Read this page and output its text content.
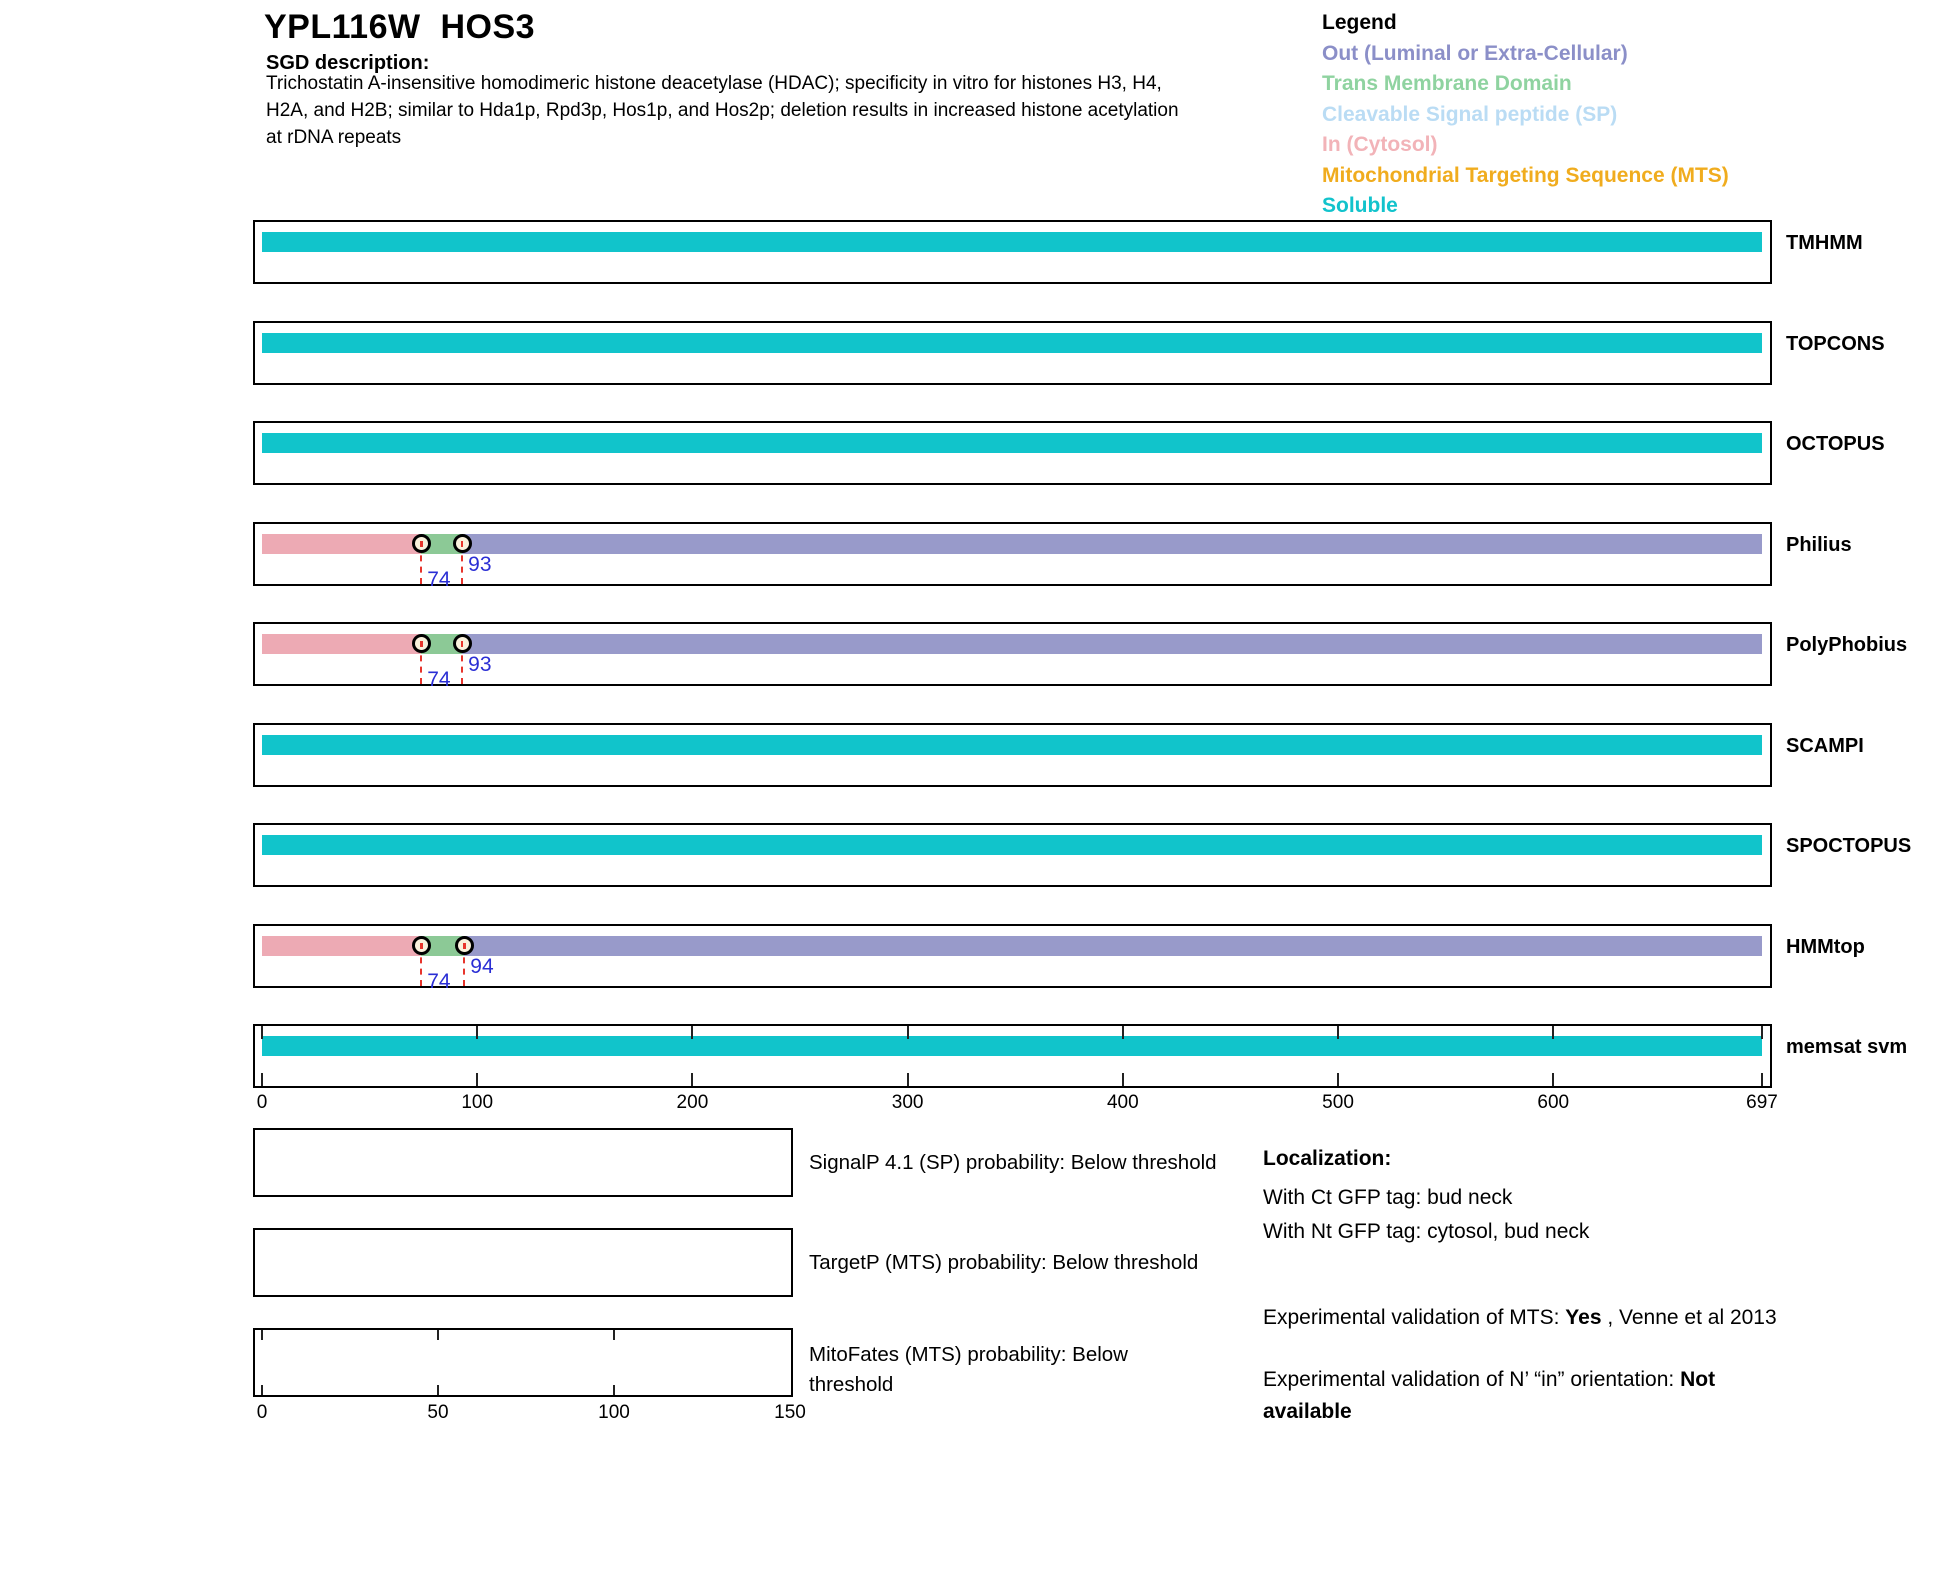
YPL116W  HOS3
SGD description:
Trichostatin A-insensitive homodimeric histone deacetylase (HDAC); specificity in vitro for histones H3, H4,
H2A, and H2B; similar to Hda1p, Rpd3p, Hos1p, and Hos2p; deletion results in increased histone acetylation
at rDNA repeats
Legend
Out (Luminal or Extra-Cellular)
Trans Membrane Domain
Cleavable Signal peptide (SP)
In (Cytosol)
Mitochondrial Targeting Sequence (MTS)
Soluble
TMHMM
TOPCONS
OCTOPUS
74
93
Philius
74
93
PolyPhobius
SCAMPI
SPOCTOPUS
74
94
HMMtop
memsat svm
0	100	200	300	400	500	600	697
SignalP 4.1 (SP) probability: Below threshold
TargetP (MTS) probability: Below threshold
0	50	100	150
MitoFates (MTS) probability: Below
threshold
Localization:
With Ct GFP tag: bud neck
With Nt GFP tag: cytosol, bud neck
Experimental validation of MTS: Yes , Venne et al 2013
Experimental validation of N’ “in” orientation: Not available
